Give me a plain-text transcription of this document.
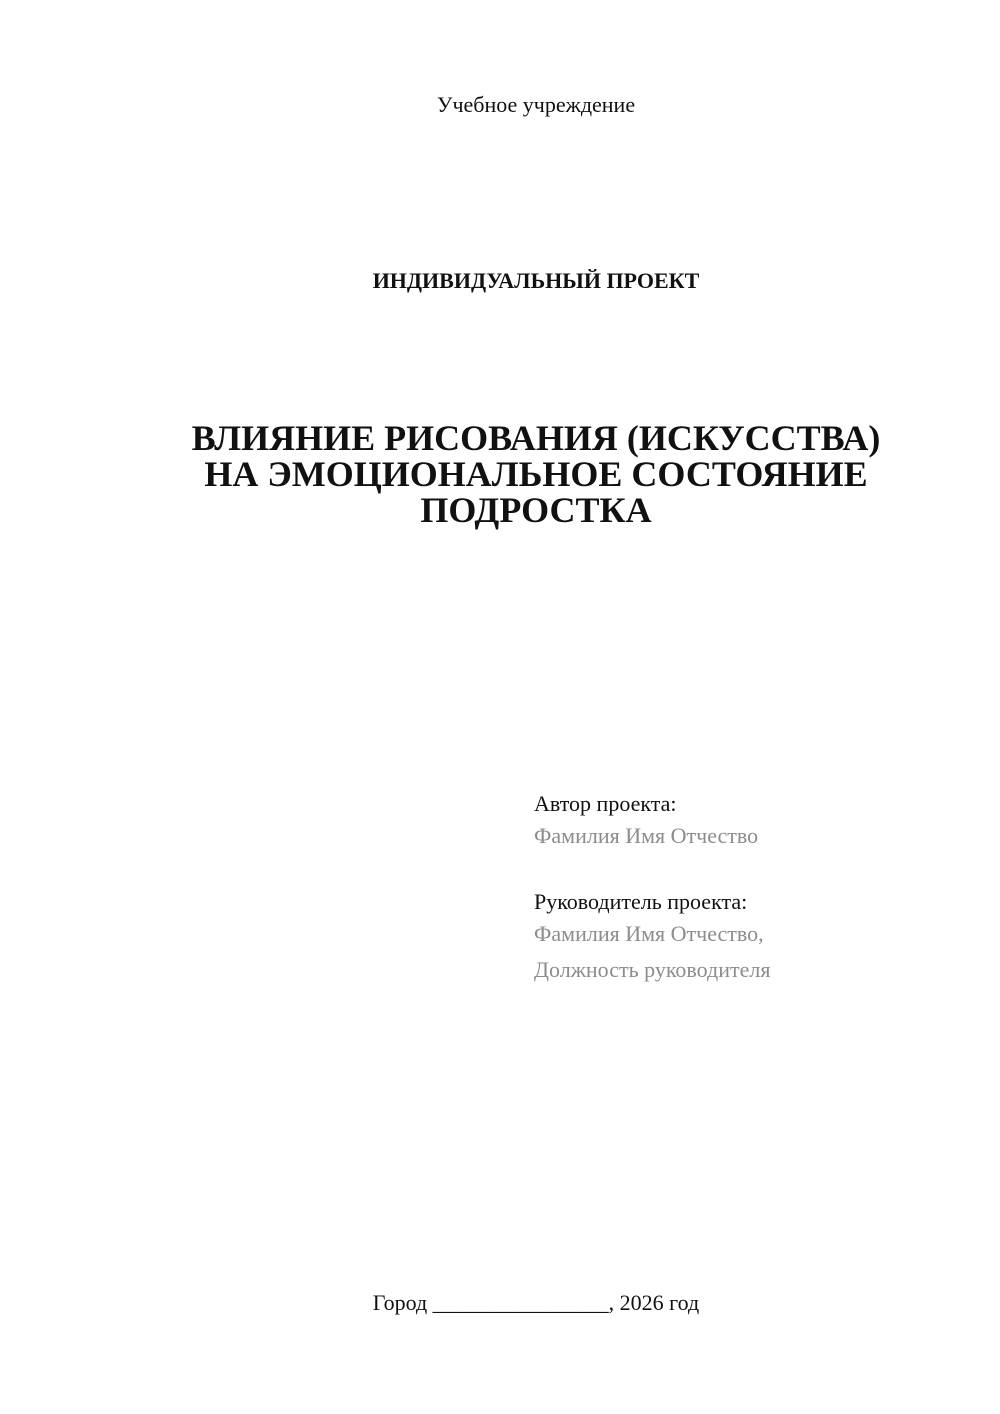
Учебное учреждение
ИНДИВИДУАЛЬНЫЙ ПРОЕКТ
ВЛИЯНИЕ РИСОВАНИЯ (ИСКУССТВА)
НА ЭМОЦИОНАЛЬНОЕ СОСТОЯНИЕ
ПОДРОСТКА
Автор проекта:
Фамилия Имя Отчество
Руководитель проекта:
Фамилия Имя Отчество,
Должность руководителя
Город ________________, 2026 год
